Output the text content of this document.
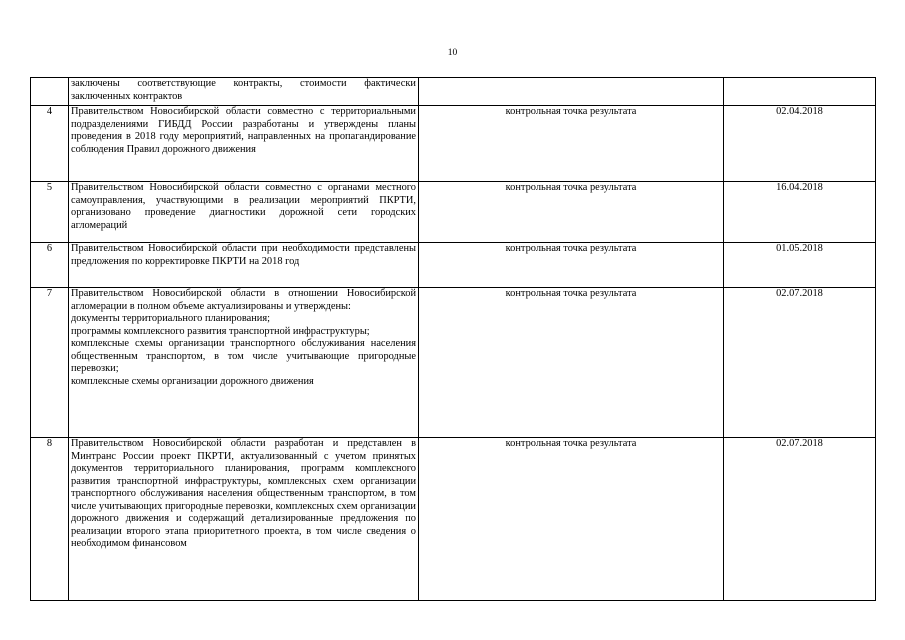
10
	заключены соответствующие контракты, стоимости фактически заключенных контрактов		
4	Правительством Новосибирской области совместно с территориальными подразделениями ГИБДД России разработаны и утверждены планы проведения в 2018 году мероприятий, направленных на пропагандирование соблюдения Правил дорожного движения	контрольная точка результата	02.04.2018
5	Правительством Новосибирской области совместно с органами местного самоуправления, участвующими в реализации мероприятий ПКРТИ, организовано проведение диагностики дорожной сети городских агломераций	контрольная точка результата	16.04.2018
6	Правительством Новосибирской области при необходимости представлены предложения по корректировке ПКРТИ на 2018 год	контрольная точка результата	01.05.2018
7	Правительством Новосибирской области в отношении Новосибирской агломерации в полном объеме актуализированы и утверждены:
документы территориального планирования;
программы комплексного развития транспортной инфраструктуры;
комплексные схемы организации транспортного обслуживания населения общественным транспортом, в том числе учитывающие пригородные перевозки;
комплексные схемы организации дорожного движения	контрольная точка результата	02.07.2018
8	Правительством Новосибирской области разработан и представлен в Минтранс России проект ПКРТИ, актуализованный с учетом принятых документов территориального планирования, программ комплексного развития транспортной инфраструктуры, комплексных схем организации транспортного обслуживания населения общественным транспортом, в том числе учитывающих пригородные перевозки, комплексных схем организации дорожного движения и содержащий детализированные предложения по реализации второго этапа приоритетного проекта, в том числе сведения о необходимом финансовом	контрольная точка результата	02.07.2018
